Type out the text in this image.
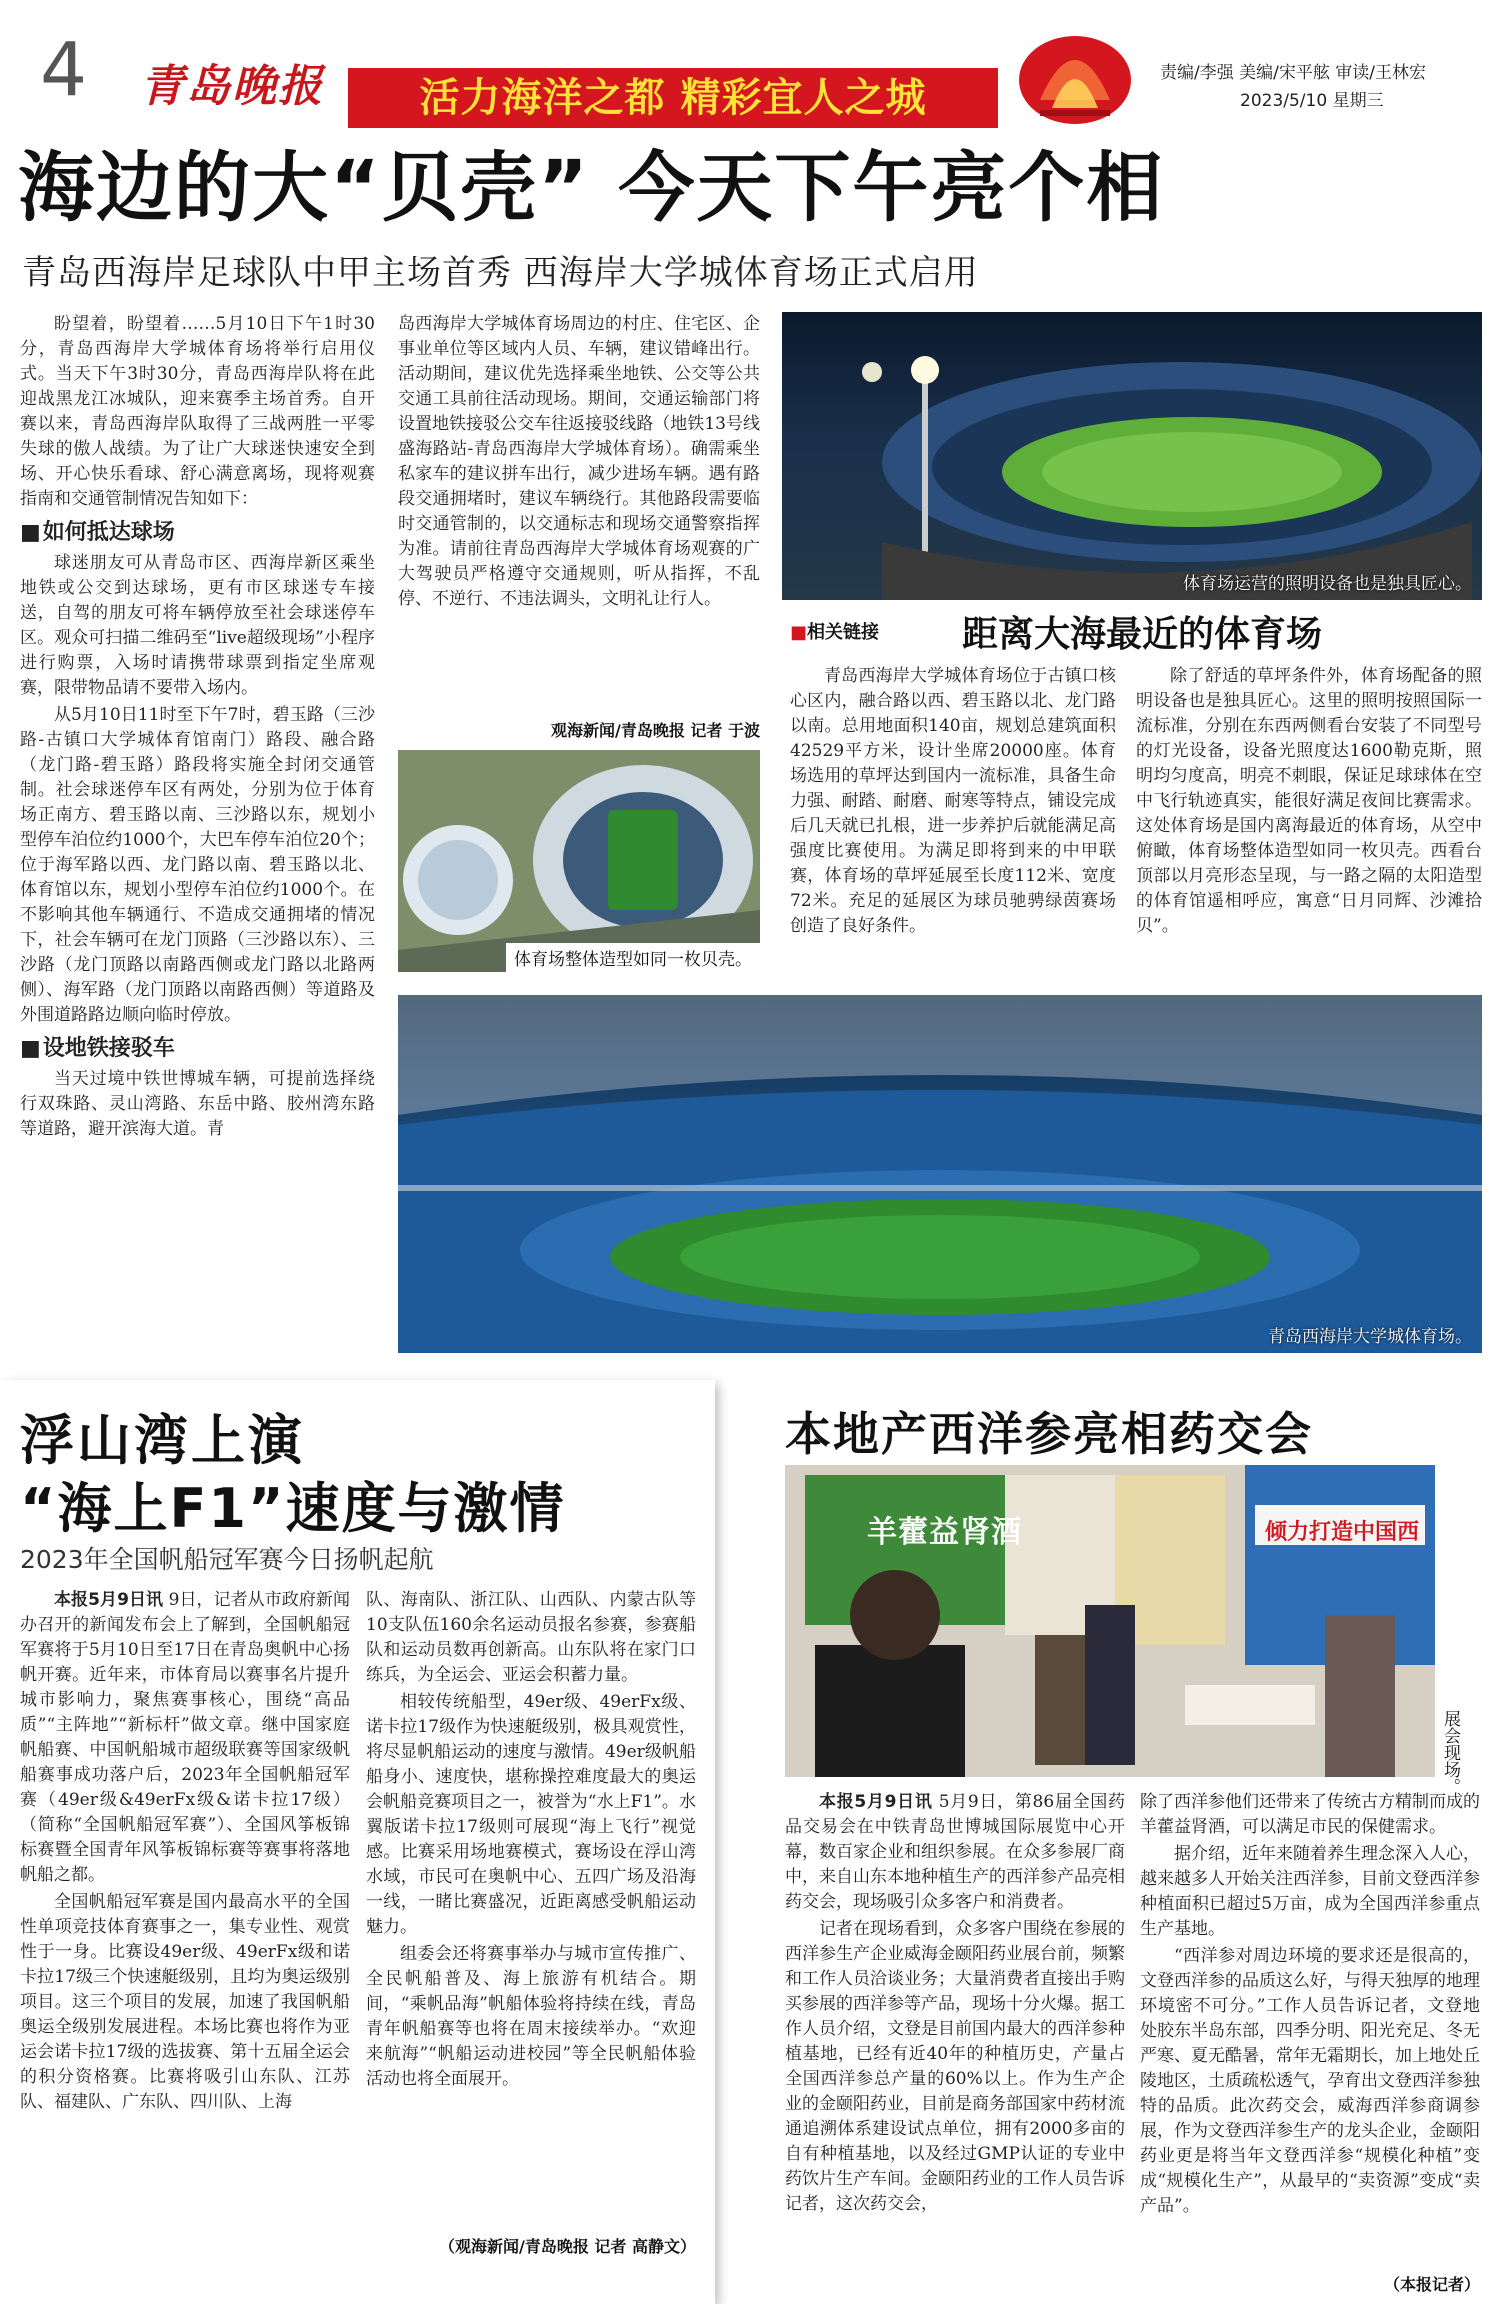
4 青岛晚报	活力海洋之都 精彩宜人之城
责编/李强 美编/宋平舷 审读/王林宏
2023/5/10 星期三
海边的大“贝壳” 今天下午亮个相
青岛西海岸足球队中甲主场首秀 西海岸大学城体育场正式启用

盼望着，盼望着……5月10日下午1时30分，青岛西海岸大学城体育场将举行启用仪式。当天下午3时30分，青岛西海岸队将在此迎战黑龙江冰城队，迎来赛季主场首秀。自开赛以来，青岛西海岸队取得了三战两胜一平零失球的傲人战绩。为了让广大球迷快速安全到场、开心快乐看球、舒心满意离场，现将观赛指南和交通管制情况告知如下：

■ 如何抵达球场

球迷朋友可从青岛市区、西海岸新区乘坐地铁或公交到达球场，更有市区球迷专车接送，自驾的朋友可将车辆停放至社会球迷停车区。观众可扫描二维码至“live超级现场”小程序进行购票，入场时请携带球票到指定坐席观赛，限带物品请不要带入场内。

从5月10日11时至下午7时，碧玉路（三沙路-古镇口大学城体育馆南门）路段、融合路（龙门路-碧玉路）路段将实施全封闭交通管制。社会球迷停车区有两处，分别为位于体育场正南方、碧玉路以南、三沙路以东，规划小型停车泊位约1000个，大巴车停车泊位20个；位于海军路以西、龙门路以南、碧玉路以北、体育馆以东，规划小型停车泊位约1000个。在不影响其他车辆通行、不造成交通拥堵的情况下，社会车辆可在龙门顶路（三沙路以东）、三沙路（龙门顶路以南路西侧或龙门路以北路两侧）、海军路（龙门顶路以南路西侧）等道路及外围道路路边顺向临时停放。

■ 设地铁接驳车

当天过境中铁世博城车辆，可提前选择绕行双珠路、灵山湾路、东岳中路、胶州湾东路等道路，避开滨海大道。青

岛西海岸大学城体育场周边的村庄、住宅区、企事业单位等区域内人员、车辆，建议错峰出行。活动期间，建议优先选择乘坐地铁、公交等公共交通工具前往活动现场。期间，交通运输部门将设置地铁接驳公交车往返接驳线路（地铁13号线盛海路站-青岛西海岸大学城体育场）。确需乘坐私家车的建议拼车出行，减少进场车辆。遇有路段交通拥堵时，建议车辆绕行。其他路段需要临时交通管制的，以交通标志和现场交通警察指挥为准。请前往青岛西海岸大学城体育场观赛的广大驾驶员严格遵守交通规则，听从指挥，不乱停、不逆行、不违法调头，文明礼让行人。

观海新闻/青岛晚报 记者 于波
体育场运营的照明设备也是独具匠心。
■相关链接 距离大海最近的体育场
青岛西海岸大学城体育场位于古镇口核心区内，融合路以西、碧玉路以北、龙门路以南。总用地面积140亩，规划总建筑面积42529平方米，设计坐席20000座。体育场选用的草坪达到国内一流标准，具备生命力强、耐踏、耐磨、耐寒等特点，铺设完成后几天就已扎根，进一步养护后就能满足高强度比赛使用。为满足即将到来的中甲联赛，体育场的草坪延展至长度112米、宽度72米。充足的延展区为球员驰骋绿茵赛场创造了良好条件。
除了舒适的草坪条件外，体育场配备的照明设备也是独具匠心。这里的照明按照国际一流标准，分别在东西两侧看台安装了不同型号的灯光设备，设备光照度达1600勒克斯，照明均匀度高，明亮不刺眼，保证足球球体在空中飞行轨迹真实，能很好满足夜间比赛需求。这处体育场是国内离海最近的体育场，从空中俯瞰，体育场整体造型如同一枚贝壳。西看台顶部以月亮形态呈现，与一路之隔的太阳造型的体育馆遥相呼应，寓意“日月同辉、沙滩拾贝”。
体育场整体造型如同一枚贝壳。
青岛西海岸大学城体育场。
浮山湾上演
“海上F1”速度与激情
2023年全国帆船冠军赛今日扬帆起航

本报5月9日讯 9日，记者从市政府新闻办召开的新闻发布会上了解到，全国帆船冠军赛将于5月10日至17日在青岛奥帆中心扬帆开赛。近年来，市体育局以赛事名片提升城市影响力，聚焦赛事核心，围绕“高品质”“主阵地”“新标杆”做文章。继中国家庭帆船赛、中国帆船城市超级联赛等国家级帆船赛事成功落户后，2023年全国帆船冠军赛（49er级&49erFx级&诺卡拉17级）（简称“全国帆船冠军赛”）、全国风筝板锦标赛暨全国青年风筝板锦标赛等赛事将落地帆船之都。

全国帆船冠军赛是国内最高水平的全国性单项竞技体育赛事之一，集专业性、观赏性于一身。比赛设49er级、49erFx级和诺卡拉17级三个快速艇级别，且均为奥运级别项目。这三个项目的发展，加速了我国帆船奥运全级别发展进程。本场比赛也将作为亚运会诺卡拉17级的选拔赛、第十五届全运会的积分资格赛。比赛将吸引山东队、江苏队、福建队、广东队、四川队、上海

队、海南队、浙江队、山西队、内蒙古队等10支队伍160余名运动员报名参赛，参赛船队和运动员数再创新高。山东队将在家门口练兵，为全运会、亚运会积蓄力量。

相较传统船型，49er级、49erFx级、诺卡拉17级作为快速艇级别，极具观赏性，将尽显帆船运动的速度与激情。49er级帆船船身小、速度快，堪称操控难度最大的奥运会帆船竞赛项目之一，被誉为“水上F1”。水翼版诺卡拉17级则可展现“海上飞行”视觉感。比赛采用场地赛模式，赛场设在浮山湾水域，市民可在奥帆中心、五四广场及沿海一线，一睹比赛盛况，近距离感受帆船运动魅力。

组委会还将赛事举办与城市宣传推广、全民帆船普及、海上旅游有机结合。期间，“乘帆品海”帆船体验将持续在线，青岛青年帆船赛等也将在周末接续举办。“欢迎来航海”“帆船运动进校园”等全民帆船体验活动也将全面展开。

（观海新闻/青岛晚报 记者 高静文）
本地产西洋参亮相药交会
羊藿益肾酒	倾力打造中国西
展会现场。

本报5月9日讯 5月9日，第86届全国药品交易会在中铁青岛世博城国际展览中心开幕，数百家企业和组织参展。在众多参展厂商中，来自山东本地种植生产的西洋参产品亮相药交会，现场吸引众多客户和消费者。

记者在现场看到，众多客户围绕在参展的西洋参生产企业威海金颐阳药业展台前，频繁和工作人员洽谈业务；大量消费者直接出手购买参展的西洋参等产品，现场十分火爆。据工作人员介绍，文登是目前国内最大的西洋参种植基地，已经有近40年的种植历史，产量占全国西洋参总产量的60%以上。作为生产企业的金颐阳药业，目前是商务部国家中药材流通追溯体系建设试点单位，拥有2000多亩的自有种植基地，以及经过GMP认证的专业中药饮片生产车间。金颐阳药业的工作人员告诉记者，这次药交会，

除了西洋参他们还带来了传统古方精制而成的羊藿益肾酒，可以满足市民的保健需求。

据介绍，近年来随着养生理念深入人心，越来越多人开始关注西洋参，目前文登西洋参种植面积已超过5万亩，成为全国西洋参重点生产基地。

“西洋参对周边环境的要求还是很高的，文登西洋参的品质这么好，与得天独厚的地理环境密不可分。”工作人员告诉记者，文登地处胶东半岛东部，四季分明、阳光充足、冬无严寒、夏无酷暑，常年无霜期长，加上地处丘陵地区，土质疏松透气，孕育出文登西洋参独特的品质。此次药交会，威海西洋参商调参展，作为文登西洋参生产的龙头企业，金颐阳药业更是将当年文登西洋参“规模化种植”变成“规模化生产”，从最早的“卖资源”变成“卖产品”。

（本报记者）
